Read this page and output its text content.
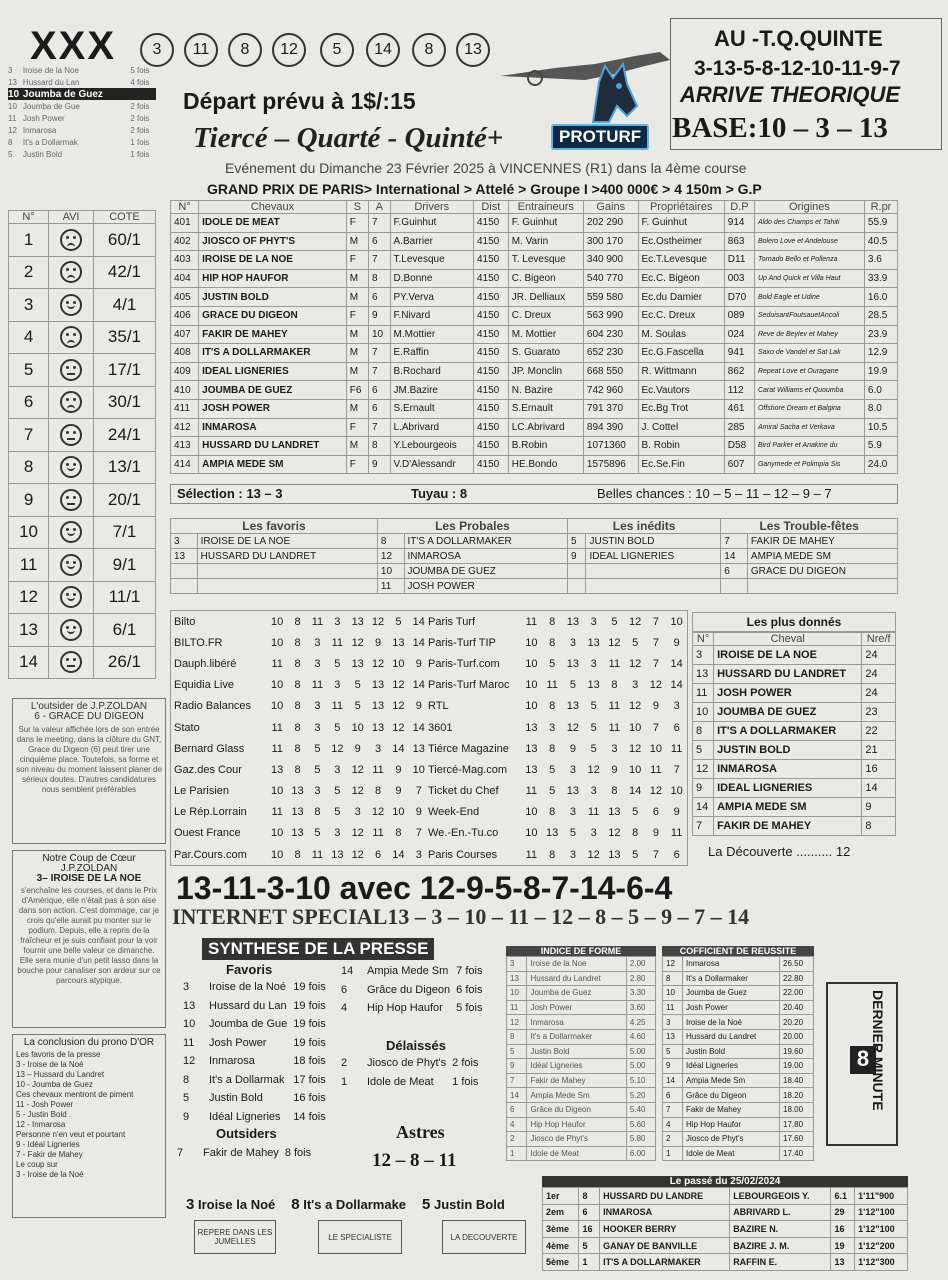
XXX	3	11	8	12	5	14	8	13
Départ prévu à 1$/:15
Tiercé – Quarté - Quinté+	PROTURF
AU -T.Q.QUINTE
3-13-5-8-12-10-11-9-7
ARRIVE THEORIQUE
BASE:10 – 3 – 13
Evénement du Dimanche 23 Février 2025 à VINCENNES (R1) dans la 4ème course
GRAND PRIX DE PARIS> International > Attelé > Groupe I >400 000€ > 4 150m > G.P
3	Iroise de la Noe	5 fois
13	Hussard du Lan	4 fois
10	Joumba de Guez	
10	Joumba de Gue	2 fois
11	Josh Power	2 fois
12	Inmarosa	2 fois
8	It's a Dollarmak	1 fois
5	Justin Bold	1 fois
N°	AVI	COTE
1		60/1
2		42/1
3		4/1
4		35/1
5		17/1
6		30/1
7		24/1
8		13/1
9		20/1
10		7/1
11		9/1
12		11/1
13		6/1
14		26/1
N°	Chevaux	S	A	Drivers	Dist	Entraineurs	Gains	Propriétaires	D.P	Origines	R.pr
401	IDOLE DE MEAT	F	7	F.Guinhut	4150	F. Guinhut	202 290	F. Guinhut	914	Aldo des Champs et Tahiti	55.9
402	JIOSCO OF PHYT'S	M	6	A.Barrier	4150	M. Varin	300 170	Ec.Ostheimer	863	Bolero Love et Andelouse	40.5
403	IROISE DE LA NOE	F	7	T.Levesque	4150	T. Levesque	340 900	Ec.T.Levesque	D11	Tornado Bello et Pollenza	3.6
404	HIP HOP HAUFOR	M	8	D.Bonne	4150	C. Bigeon	540 770	Ec.C. Bigeon	003	Up And Quick et Villa Haut	33.9
405	JUSTIN BOLD	M	6	PY.Verva	4150	JR. Delliaux	559 580	Ec.du Damier	D70	Bold Eagle et Udine	16.0
406	GRACE DU DIGEON	F	9	F.Nivard	4150	C. Dreux	563 990	Ec.C. Dreux	089	SeduisantFoutsauetAncoli	28.5
407	FAKIR DE MAHEY	M	10	M.Mottier	4150	M. Mottier	604 230	M. Soulas	024	Reve de Beylev et Mahey	23.9
408	IT'S A DOLLARMAKER	M	7	E.Raffin	4150	S. Guarato	652 230	Ec.G.Fascella	941	Saxo de Vandel et Sat Lak	12.9
409	IDEAL LIGNERIES	M	7	B.Rochard	4150	JP. Monclin	668 550	R. Wittmann	862	Repeat Love et Ouragane	19.9
410	JOUMBA DE GUEZ	F6	6	JM.Bazire	4150	N. Bazire	742 960	Ec.Vautors	112	Carat Williams et Quoumba	6.0
411	JOSH POWER	M	6	S.Ernault	4150	S.Ernault	791 370	Ec.Bg Trot	461	Offshore Dream et Balgina	8.0
412	INMAROSA	F	7	L.Abrivard	4150	LC.Abrivard	894 390	J. Cottel	285	Amiral Sacha et Verkava	10.5
413	HUSSARD DU LANDRET	M	8	Y.Lebourgeois	4150	B.Robin	1071360	B. Robin	D58	Bird Parker et Anakine du	5.9
414	AMPIA MEDE SM	F	9	V.D'Alessandr	4150	HE.Bondo	1575896	Ec.Se.Fin	607	Ganymede et Polimpia Sis	24.0
Sélection : 13 – 3	Tuyau : 8	Belles chances : 10 – 5 – 11 – 12 – 9 – 7
Les favoris		Les Probales		Les inédits		Les Trouble-fêtes	
3	IROISE DE LA NOE	8	IT'S A DOLLARMAKER	5	JUSTIN BOLD	7	FAKIR DE MAHEY
13	HUSSARD DU LANDRET	12	INMAROSA	9	IDEAL LIGNERIES	14	AMPIA MEDE SM
		10	JOUMBA DE GUEZ			6	GRACE DU DIGEON
		11	JOSH POWER				
Bilto	10	8	11	3	13	12	5	14
BILTO.FR	10	8	3	11	12	9	13	14
Dauph.libéré	11	8	3	5	13	12	10	9
Equidia Live	10	8	11	3	5	13	12	14
Radio Balances	10	8	3	11	5	13	12	9
Stato	11	8	3	5	10	13	12	14
Bernard Glass	11	8	5	12	9	3	14	13
Gaz.des Cour	13	8	5	3	12	11	9	10
Le Parisien	10	13	3	5	12	8	9	7
Le Rép.Lorrain	11	13	8	5	3	12	10	9
Ouest France	10	13	5	3	12	11	8	7
Par.Cours.com	10	8	11	13	12	6	14	3
Paris Turf	11	8	13	3	5	12	7	10
Paris-Turf TIP	10	8	3	13	12	5	7	9
Paris-Turf.com	10	5	13	3	11	12	7	14
Paris-Turf Maroc	10	11	5	13	8	3	12	14
RTL	10	8	13	5	11	12	9	3
3601	13	3	12	5	11	10	7	6
Tiérce Magazine	13	8	9	5	3	12	10	11
Tiercé-Mag.com	13	5	3	12	9	10	11	7
Ticket du Chef	11	5	13	3	8	14	12	10
Week-End	10	8	3	11	13	5	6	9
We.-En.-Tu.co	10	13	5	3	12	8	9	11
Paris Courses	11	8	3	12	13	5	7	6
Les plus donnés
N°	Cheval	Nre/f
3	IROISE DE LA NOE	24
13	HUSSARD DU LANDRET	24
11	JOSH POWER	24
10	JOUMBA DE GUEZ	23
8	IT'S A DOLLARMAKER	22
5	JUSTIN BOLD	21
12	INMAROSA	16
9	IDEAL LIGNERIES	14
14	AMPIA MEDE SM	9
7	FAKIR DE MAHEY	8
La Découverte .......... 12
L'outsider de J.P.ZOLDAN
6 - GRACE DU DIGEON
Sur la valeur affichée lors de son entrée dans le meeting, dans la clôture du GNT, Grace du Digeon (6) peut tirer une cinquième place. Toutefois, sa forme et son niveau du moment laissent planer de sérieux doutes. D'autres candidatures nous semblent préférables
Notre Coup de Cœur J.P.ZOLDAN
3– IROISE DE LA NOE
s'enchaîne les courses, et dans le Prix d'Amérique, elle n'était pas à son aise dans son action. C'est dommage, car je crois qu'elle aurait pu monter sur le podium. Depuis, elle a repris de la fraîcheur et je suis confiant pour la voir fournir une belle valeur ce dimanche. Elle sera munie d'un petit lasso dans la bouche pour canaliser son ardeur sur ce parcours atypique.
La conclusion du prono D'OR
Les favoris de la presse
3 - Iroise de la Noé
13 – Hussard du Landret
10 - Joumba de Guez
Ces chevaux mentront de piment
11 - Josh Power
5 - Justin Bold .
12 - Inmarosa
Personne n'en veut et pourtant
9 - Idéal Ligneries
7 - Fakir de Mahey
Le coup sur
3 - Iroise de la Noé
13-11-3-10 avec 12-9-5-8-7-14-6-4
INTERNET SPECIAL13 – 3 – 10 – 11 – 12 – 8 – 5 – 9 – 7 – 14
SYNTHESE DE LA PRESSE
Favoris
3	Iroise de la Noé	19 fois
13	Hussard du Lan	19 fois
10	Joumba de Gue	19 fois
11	Josh Power	19 fois
12	Inmarosa	18 fois
8	It's a Dollarmak	17 fois
5	Justin Bold	16 fois
9	Idéal Ligneries	14 fois
14	Ampia Mede Sm	7 fois
6	Grâce du Digeon	6 fois
4	Hip Hop Haufor	5 fois
Délaissés
2	Jiosco de Phyt's	2 fois
1	Idole de Meat	1 fois
Outsiders
7	Fakir de Mahey	8 fois
Astres
12 – 8 – 11
INDICE DE FORME
3	Iroise de la Noe	2.00
13	Hussard du Landret	2.80
10	Joumba de Guez	3.30
11	Josh Power	3.60
12	Inmarosa	4.25
8	It's a Dollarmaker	4.60
5	Justin Bold	5.00
9	Idéal Ligneries	5.00
7	Fakir de Mahey	5.10
14	Ampia Mede Sm	5.20
6	Grâce du Digeon	5.40
4	Hip Hop Haufor	5.60
2	Jiosco de Phyt's	5.80
1	Idole de Meat	6.00
COFFICIENT DE REUSSITE
12	Inmarosa	26.50
8	It's a Dollarmaker	22.80
10	Joumba de Guez	22.00
11	Josh Power	20.40
3	Iroise de la Noé	20.20
13	Hussard du Landret	20.00
5	Justin Bold	19.60
9	Idéal Ligneries	19.00
14	Ampia Mede Sm	18.40
6	Grâce du Digeon	18.20
7	Fakir de Mahey	18.00
4	Hip Hop Haufor	17.80
2	Jiosco de Phyt's	17.60
1	Idole de Meat	17.40
8 DERNIER MINUTE
3 Iroise la Noé 8 It's a Dollarmake 5 Justin Bold
REPERE DANS LES JUMELLES	LE SPECIALISTE	LA DECOUVERTE
Le passé du 25/02/2024
1er	8	HUSSARD DU LANDRE	LEBOURGEOIS Y.	6.1	1'11"900
2em	6	INMAROSA	ABRIVARD L.	29	1'12"100
3ème	16	HOOKER BERRY	BAZIRE N.	16	1'12"100
4ème	5	GANAY DE BANVILLE	BAZIRE J. M.	19	1'12"200
5ème	1	IT'S A DOLLARMAKER	RAFFIN E.	13	1'12"300
